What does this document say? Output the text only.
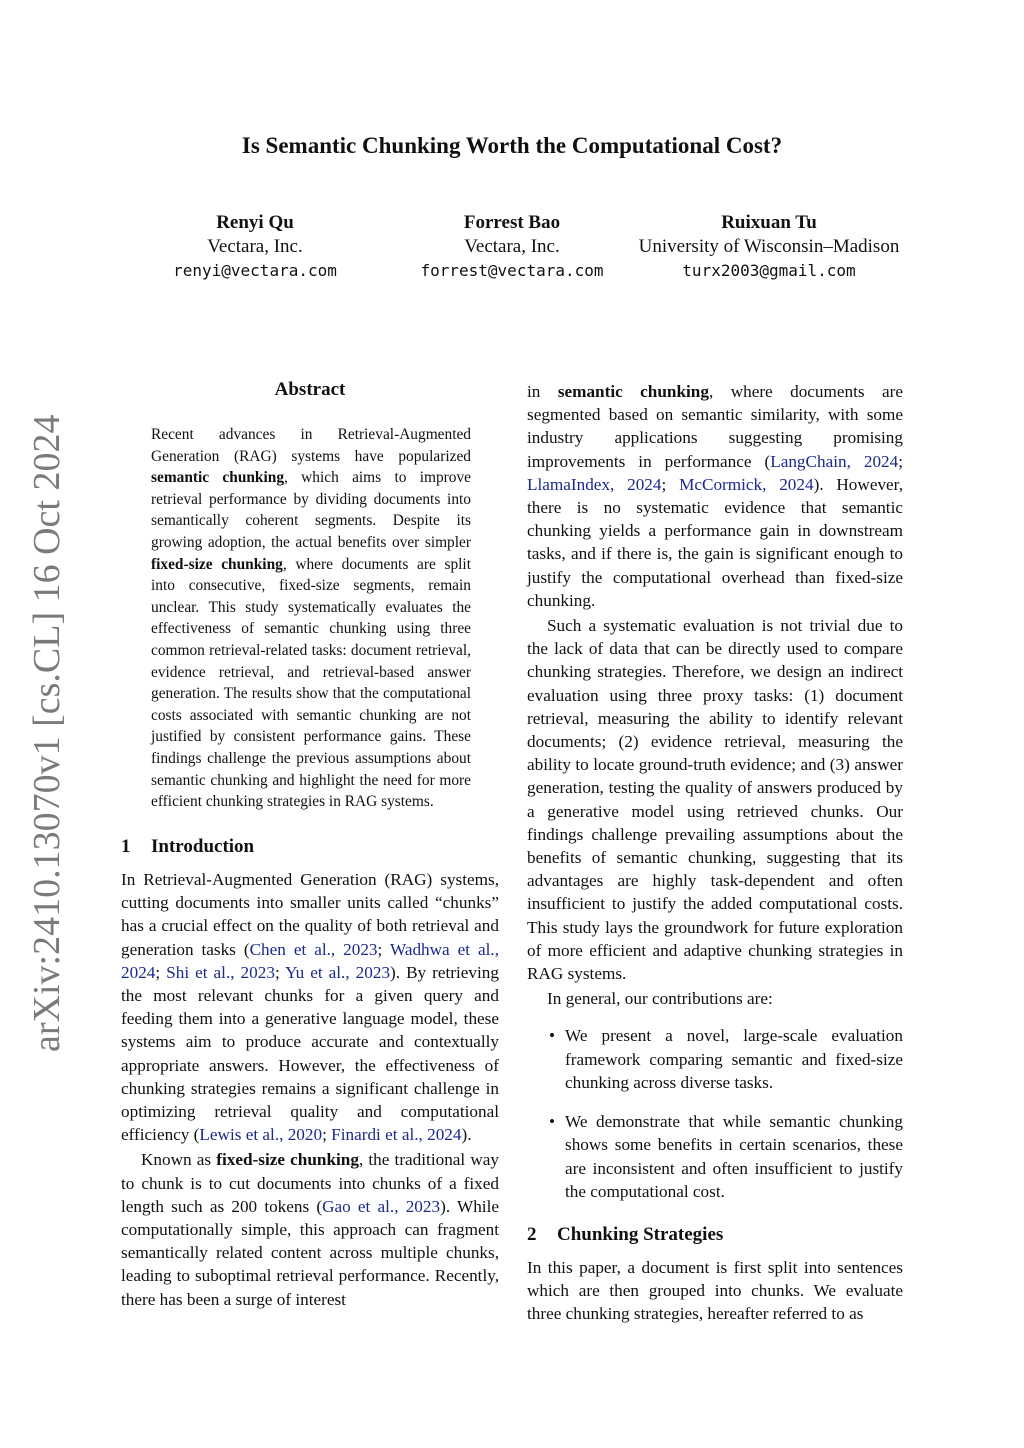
Is Semantic Chunking Worth the Computational Cost?
Renyi Qu
Vectara, Inc.
renyi@vectara.com
Forrest Bao
Vectara, Inc.
forrest@vectara.com
Ruixuan Tu
University of Wisconsin–Madison
turx2003@gmail.com
arXiv:2410.13070v1 [cs.CL] 16 Oct 2024
Abstract

Recent advances in Retrieval-Augmented Generation (RAG) systems have popularized semantic chunking, which aims to improve retrieval performance by dividing documents into semantically coherent segments. Despite its growing adoption, the actual benefits over simpler fixed-size chunking, where documents are split into consecutive, fixed-size segments, remain unclear. This study systematically evaluates the effectiveness of semantic chunking using three common retrieval-related tasks: document retrieval, evidence retrieval, and retrieval-based answer generation. The results show that the computational costs associated with semantic chunking are not justified by consistent performance gains. These findings challenge the previous assumptions about semantic chunking and highlight the need for more efficient chunking strategies in RAG systems.

1 Introduction

In Retrieval-Augmented Generation (RAG) systems, cutting documents into smaller units called “chunks” has a crucial effect on the quality of both retrieval and generation tasks (Chen et al., 2023; Wadhwa et al., 2024; Shi et al., 2023; Yu et al., 2023). By retrieving the most relevant chunks for a given query and feeding them into a generative language model, these systems aim to produce accurate and contextually appropriate answers. However, the effectiveness of chunking strategies remains a significant challenge in optimizing retrieval quality and computational efficiency (Lewis et al., 2020; Finardi et al., 2024).

Known as fixed-size chunking, the traditional way to chunk is to cut documents into chunks of a fixed length such as 200 tokens (Gao et al., 2023). While computationally simple, this approach can fragment semantically related content across multiple chunks, leading to suboptimal retrieval performance. Recently, there has been a surge of interest

in semantic chunking, where documents are segmented based on semantic similarity, with some industry applications suggesting promising improvements in performance (LangChain, 2024; LlamaIndex, 2024; McCormick, 2024). However, there is no systematic evidence that semantic chunking yields a performance gain in downstream tasks, and if there is, the gain is significant enough to justify the computational overhead than fixed-size chunking.

Such a systematic evaluation is not trivial due to the lack of data that can be directly used to compare chunking strategies. Therefore, we design an indirect evaluation using three proxy tasks: (1) document retrieval, measuring the ability to identify relevant documents; (2) evidence retrieval, measuring the ability to locate ground-truth evidence; and (3) answer generation, testing the quality of answers produced by a generative model using retrieved chunks. Our findings challenge prevailing assumptions about the benefits of semantic chunking, suggesting that its advantages are highly task-dependent and often insufficient to justify the added computational costs. This study lays the groundwork for future exploration of more efficient and adaptive chunking strategies in RAG systems.

In general, our contributions are:

• We present a novel, large-scale evaluation framework comparing semantic and fixed-size chunking across diverse tasks.
• We demonstrate that while semantic chunking shows some benefits in certain scenarios, these are inconsistent and often insufficient to justify the computational cost.
2 Chunking Strategies

In this paper, a document is first split into sentences which are then grouped into chunks. We evaluate three chunking strategies, hereafter referred to as
